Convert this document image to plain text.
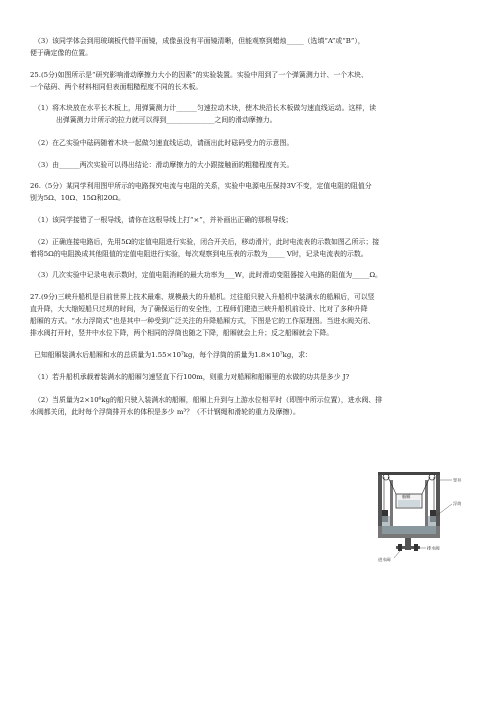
（3）该同学体会到用玻璃板代替平面镜，成像虽没有平面镜清晰，但能观察到蜡烛_____（选填“A”或“B”），
便于确定像的位置。
25.(5分)如图所示是“研究影响滑动摩擦力大小的因素”的实验装置。实验中用到了一个弹簧测力计、一个木块、
一个砝码、两个材料相同但表面粗糙程度不同的长木板。
（1）将木块放在水平长木板上，用弹簧测力计______匀速拉动木块，使木块沿长木板做匀速直线运动。这样，读
出弹簧测力计所示的拉力就可以得到______________之间的滑动摩擦力。
（2）在乙实验中砝码随着木块一起做匀速直线运动，请画出此时砝码受力的示意图。
（3）由______两次实验可以得出结论：滑动摩擦力的大小跟接触面的粗糙程度有关。
26.（5分）某同学利用图甲所示的电路探究电流与电阻的关系，实验中电源电压保持3V不变，定值电阻的阻值分
别为5Ω、10Ω、15Ω和20Ω。
（1）该同学接错了一根导线，请你在这根导线上打“×”，并补画出正确的那根导线；
（2）正确连接电路后，先用5Ω的定值电阻进行实验，闭合开关后，移动滑片，此时电流表的示数如图乙所示；接
着将5Ω的电阻换成其他阻值的定值电阻进行实验，每次观察到电压表的示数为_____ V时，记录电流表的示数。
（3）几次实验中记录电表示数时，定值电阻消耗的最大功率为___W，此时滑动变阻器接入电路的阻值为_____Ω。
27.(9分)三峡升船机是目前世界上技术最难、规模最大的升船机。过往船只驶入升船机中装满水的船厢后，可以竖
直升降，大大缩短船只过坝的时间，为了确保运行的安全性，工程师们建造三峡升船机前设计、比对了多种升降
船厢的方式。“水力浮筒式”也是其中一种受到广泛关注的升降船厢方式，下图是它的工作原理图。当进水阀关闭、
排水阀打开时，竖井中水位下降，两个相同的浮筒也随之下降，船厢就会上升；反之船厢就会下降。
已知船厢装满水后船厢和水的总质量为1.55×10⁷kg，每个浮筒的质量为1.8×10⁷kg，求：
（1）若升船机承载着装满水的船厢匀速竖直下行100m，则重力对船厢和船厢里的水做的功共是多少 J?
（2）当质量为2×10⁶kg的船只驶入装满水的船厢，船厢上升到与上游水位相平时（即图中所示位置），进水阀、排
水阀都关闭，此时每个浮筒排开水的体积是多少 m³？（不计钢绳和滑轮的重力及摩擦）。
船厢
竖井
浮筒
进水阀
排水阀
